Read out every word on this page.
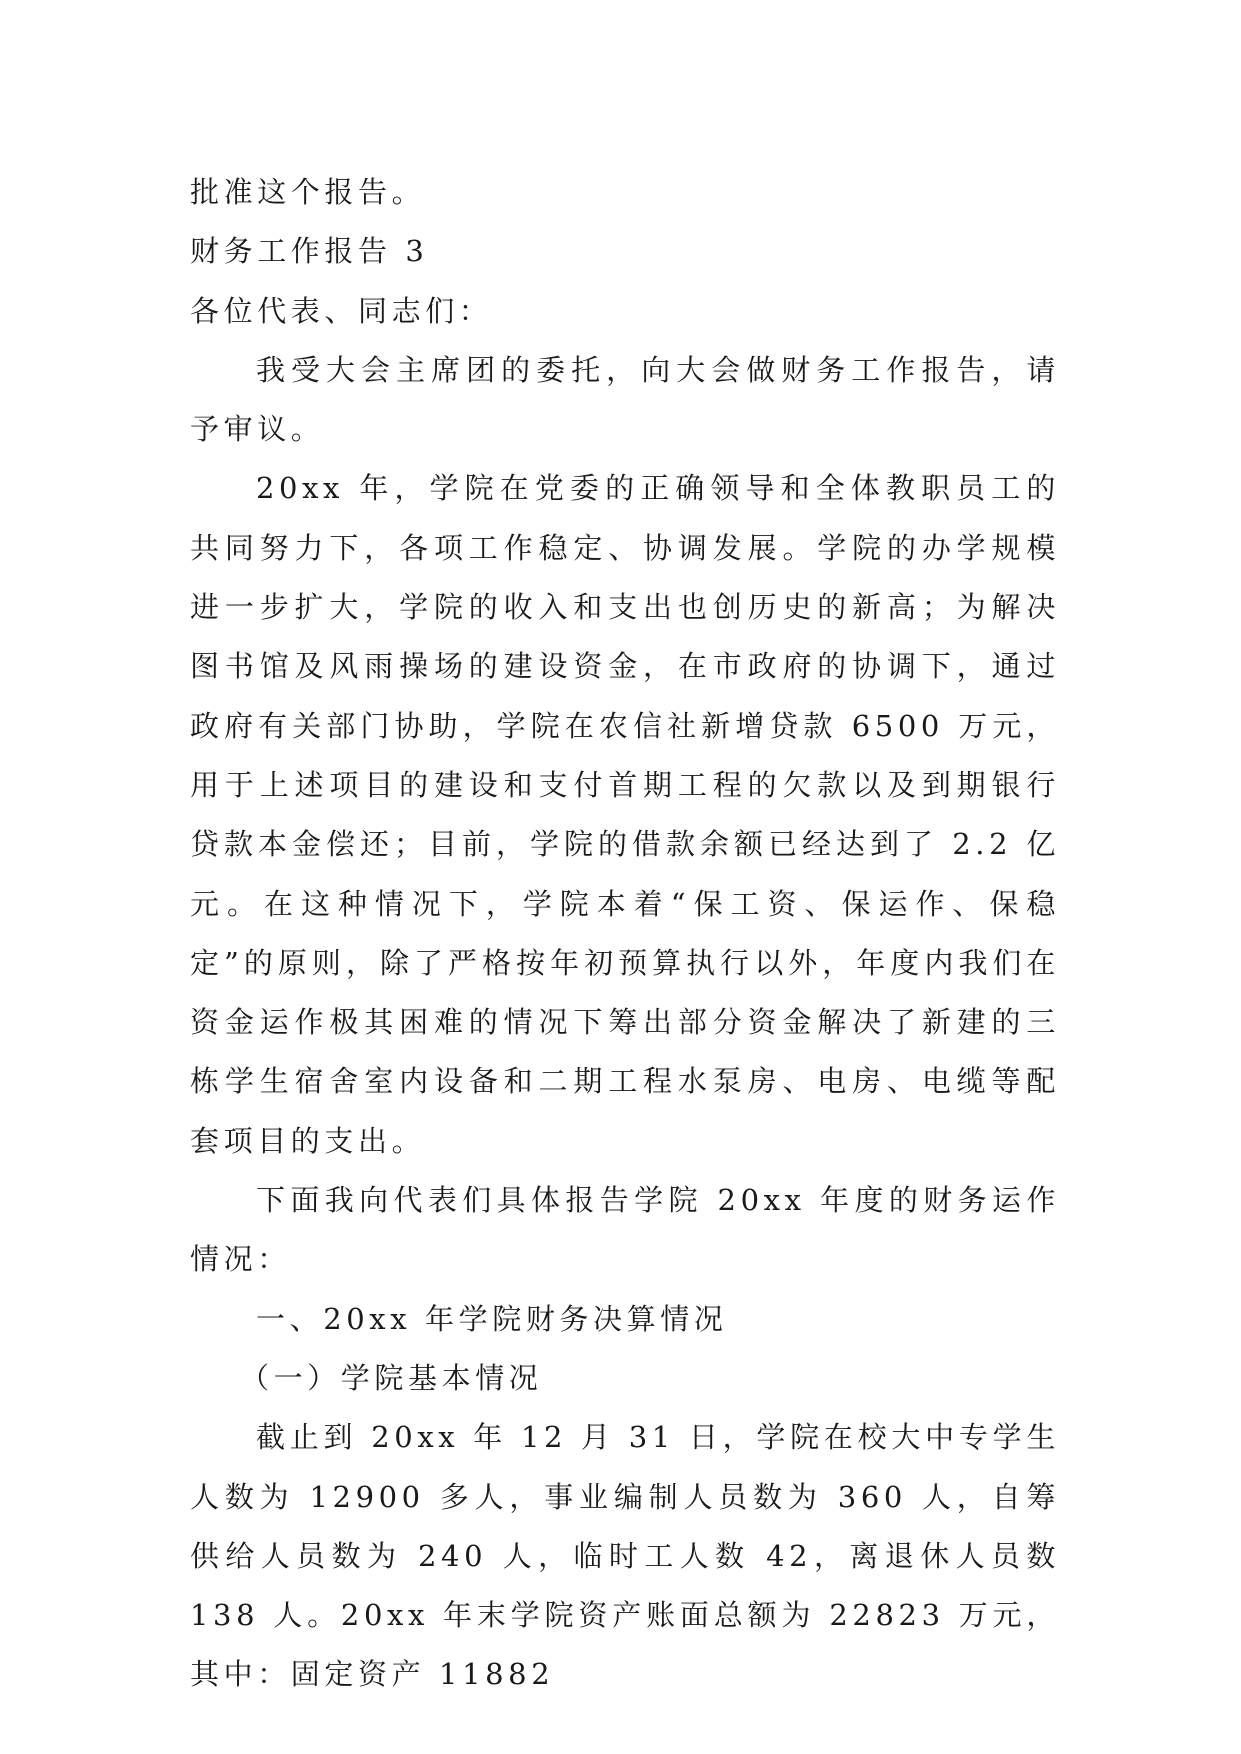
批准这个报告。

财务工作报告 3

各位代表、同志们：

我受大会主席团的委托，向大会做财务工作报告，请予审议。

20xx 年，学院在党委的正确领导和全体教职员工的共同努力下，各项工作稳定、协调发展。学院的办学规模进一步扩大，学院的收入和支出也创历史的新高；为解决图书馆及风雨操场的建设资金，在市政府的协调下，通过政府有关部门协助，学院在农信社新增贷款 6500 万元，用于上述项目的建设和支付首期工程的欠款以及到期银行贷款本金偿还；目前，学院的借款余额已经达到了 2.2 亿元。在这种情况下，学院本着“保工资、保运作、保稳定”的原则，除了严格按年初预算执行以外，年度内我们在资金运作极其困难的情况下筹出部分资金解决了新建的三栋学生宿舍室内设备和二期工程水泵房、电房、电缆等配套项目的支出。

下面我向代表们具体报告学院 20xx 年度的财务运作情况：

一、20xx 年学院财务决算情况

（一）学院基本情况

截止到 20xx 年 12 月 31 日，学院在校大中专学生人数为 12900 多人，事业编制人员数为 360 人，自筹供给人员数为 240 人，临时工人数 42，离退休人员数 138 人。20xx 年末学院资产账面总额为 22823 万元，其中：固定资产 11882
